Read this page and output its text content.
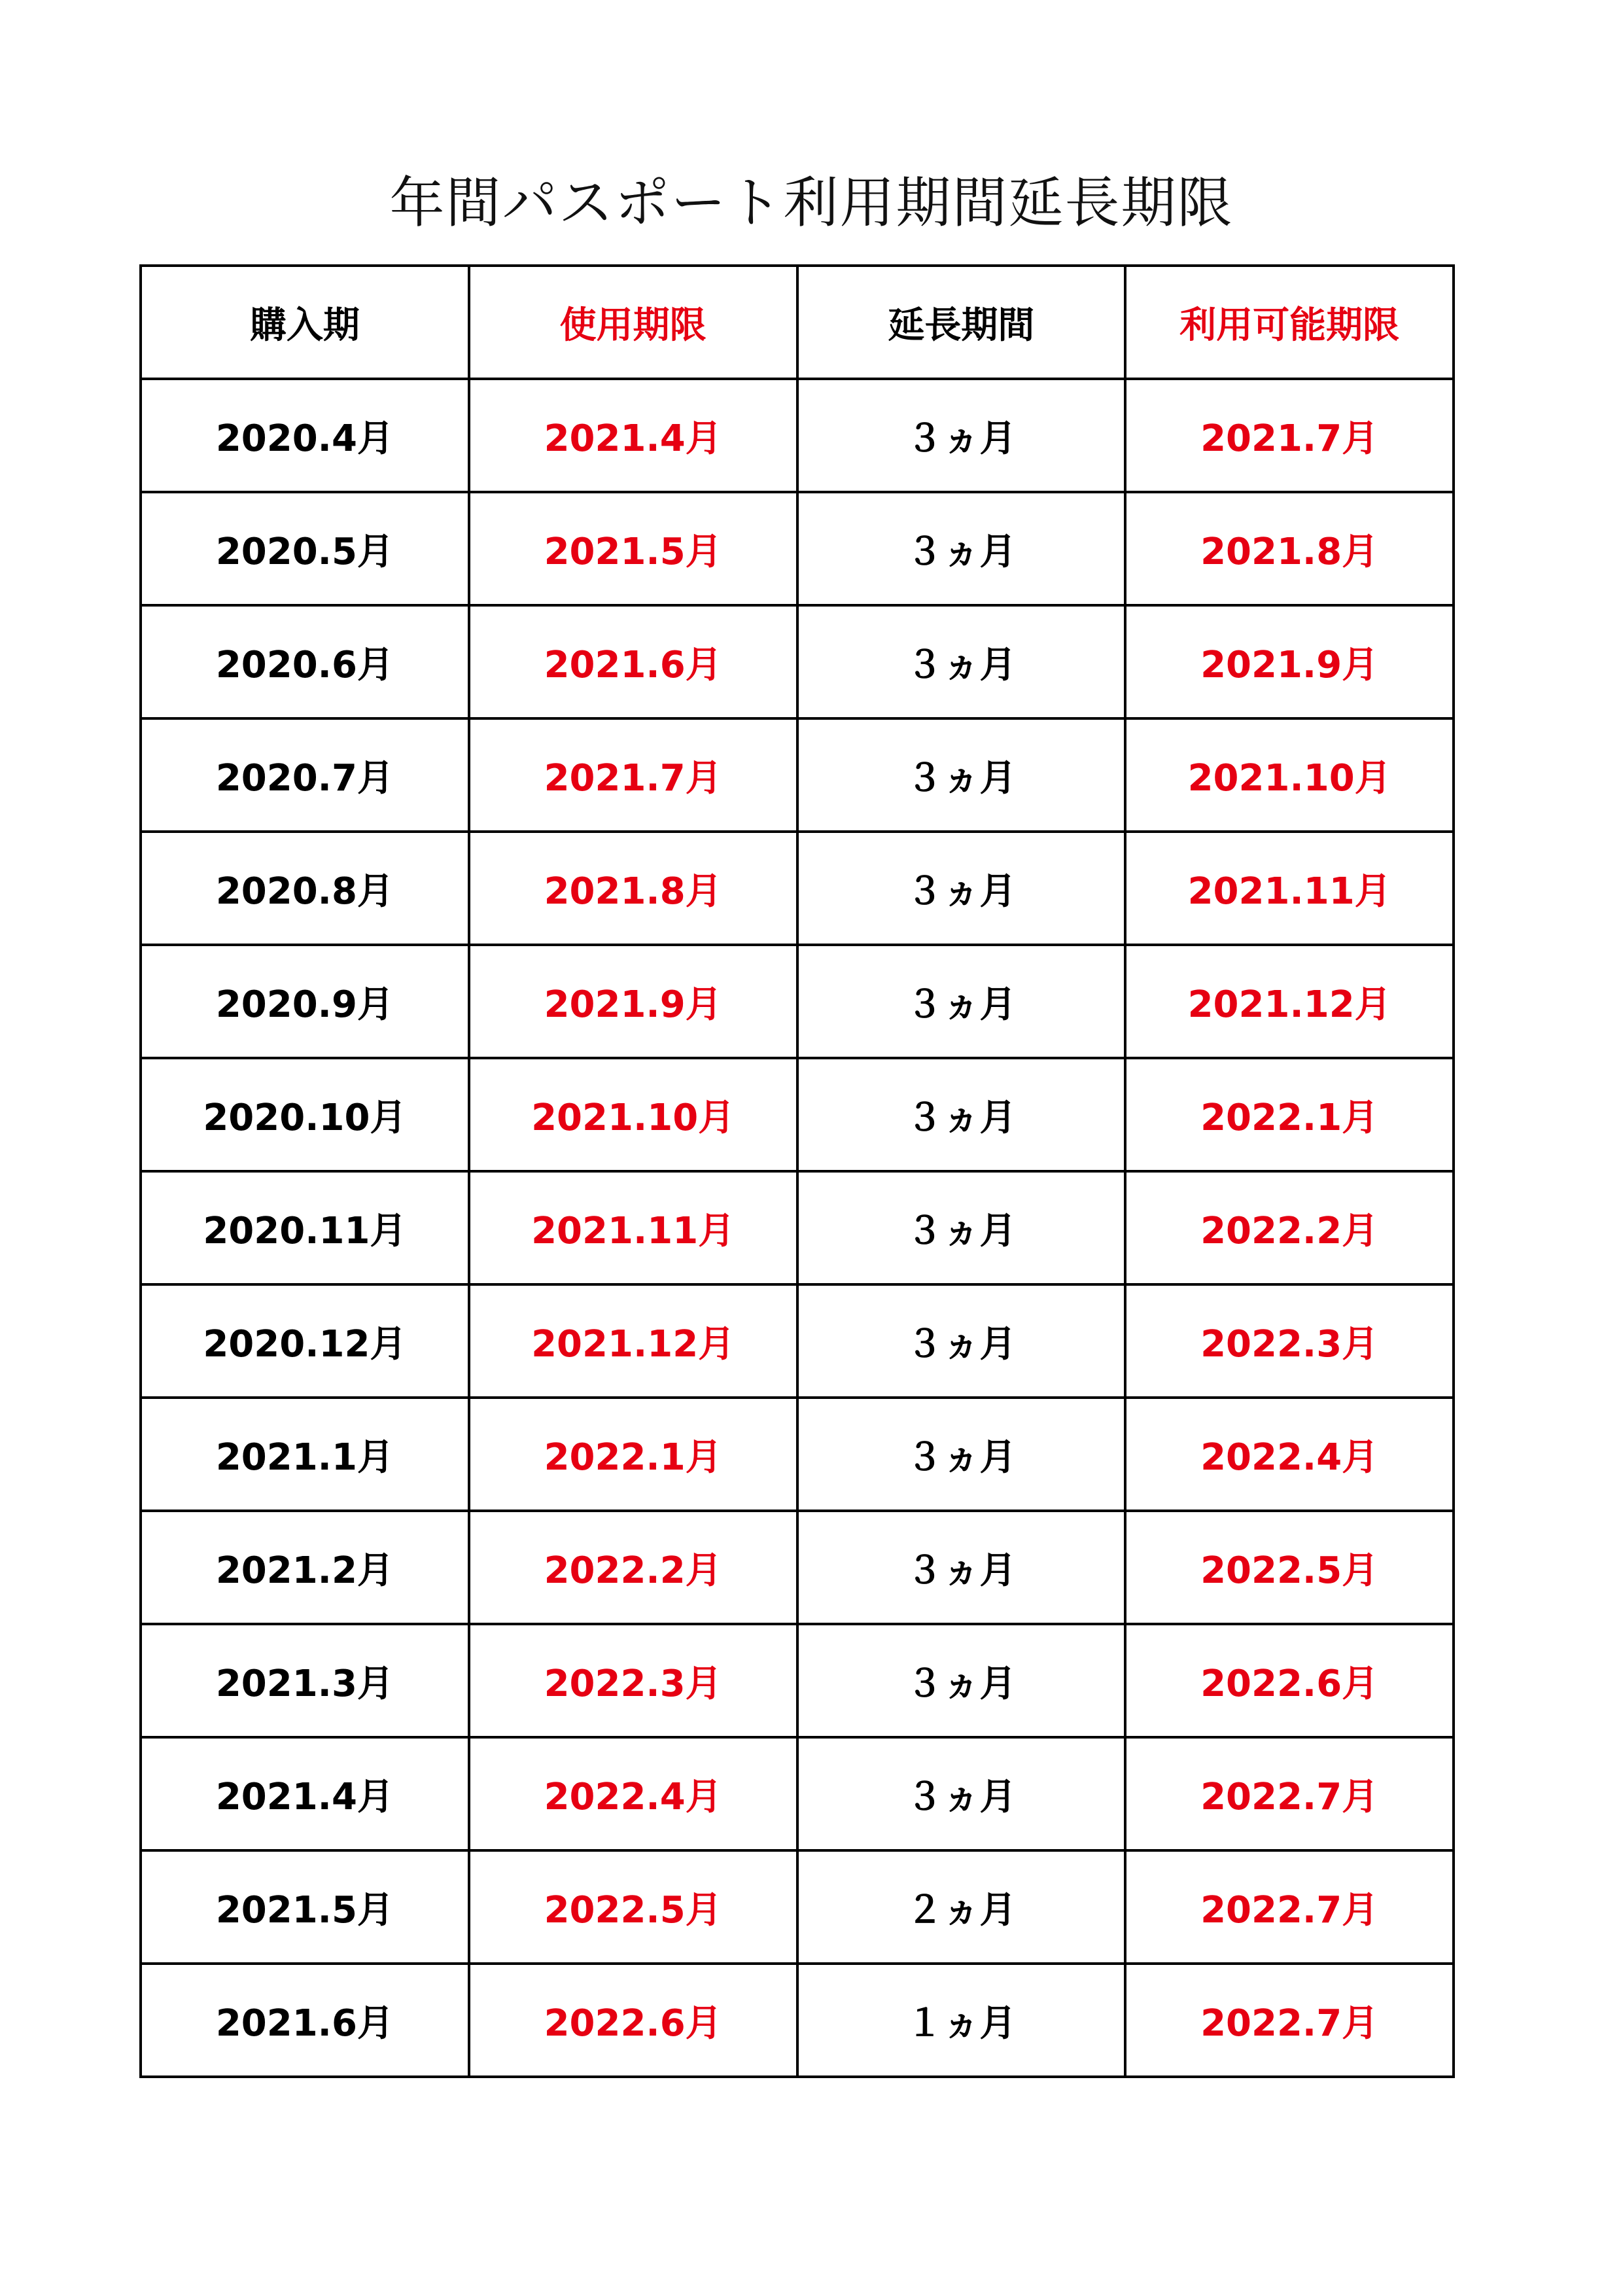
年間パスポート利用期間延長期限
購入期	使用期限	延長期間	利用可能期限
2020.4月	2021.4月	３ヵ月	2021.7月
2020.5月	2021.5月	３ヵ月	2021.8月
2020.6月	2021.6月	３ヵ月	2021.9月
2020.7月	2021.7月	３ヵ月	2021.10月
2020.8月	2021.8月	３ヵ月	2021.11月
2020.9月	2021.9月	３ヵ月	2021.12月
2020.10月	2021.10月	３ヵ月	2022.1月
2020.11月	2021.11月	３ヵ月	2022.2月
2020.12月	2021.12月	３ヵ月	2022.3月
2021.1月	2022.1月	３ヵ月	2022.4月
2021.2月	2022.2月	３ヵ月	2022.5月
2021.3月	2022.3月	３ヵ月	2022.6月
2021.4月	2022.4月	３ヵ月	2022.7月
2021.5月	2022.5月	２ヵ月	2022.7月
2021.6月	2022.6月	１ヵ月	2022.7月
